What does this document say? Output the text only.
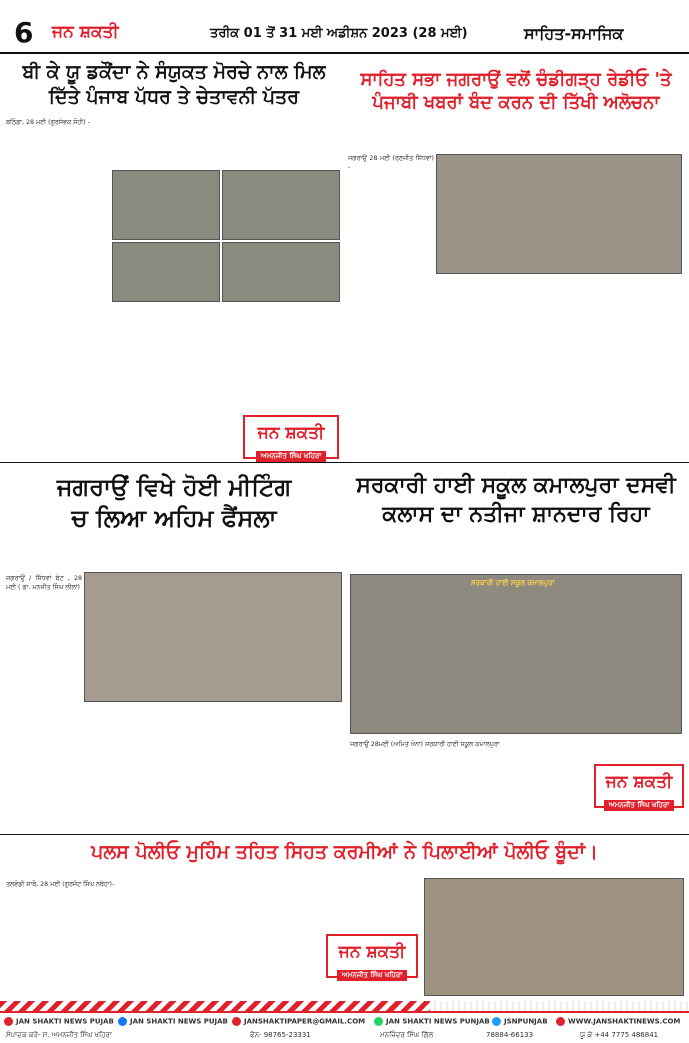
6 ਜਨ ਸ਼ਕਤੀ	ਤਰੀਕ 01 ਤੋਂ 31 ਮਈ ਅਡੀਸ਼ਨ 2023 (28 ਮਈ)	ਸਾਹਿਤ-ਸਮਾਜਿਕ
ਬੀ ਕੇ ਯੂ ਡਕੌਂਦਾ ਨੇ ਸੰਯੁਕਤ ਮੋਰਚੇ ਨਾਲ ਮਿਲ
ਦਿੱਤੇ ਪੰਜਾਬ ਪੱਧਰ ਤੇ ਚੇਤਾਵਨੀ ਪੱਤਰ
ਬਠਿੰਡਾ, 28 ਮਈ (ਗੁਰਸੇਵਕ ਸੋਹੀ) -
ਜਨ ਸ਼ਕਤੀ
ਅਮਨਜੀਤ ਸਿੰਘ ਖਹਿਰਾ
ਸਾਹਿਤ ਸਭਾ ਜਗਰਾਉਂ ਵਲੋਂ ਚੰਡੀਗੜ੍ਹ ਰੇਡੀਓ 'ਤੇ
ਪੰਜਾਬੀ ਖਬਰਾਂ ਬੰਦ ਕਰਨ ਦੀ ਤਿੱਖੀ ਅਲੋਚਨਾ
ਜਗਰਾਉਂ 28 ਮਈ (ਰਣਜੀਤ ਸਿੱਧਵਾਂ) -
ਜਗਰਾਉਂ ਵਿਖੇ ਹੋਈ ਮੀਟਿੰਗ
ਚ ਲਿਆ ਅਹਿਮ ਫੈਂਸਲਾ
ਜਗਰਾਉਂ / ਸਿੱਧਵਾਂ ਬੇਟ , 28 ਮਈ ( ਡਾ. ਮਨਜੀਤ ਸਿੰਘ ਲੀਲਾਂ)
ਸਰਕਾਰੀ ਹਾਈ ਸਕੂਲ ਕਮਾਲਪੁਰਾ ਦਸਵੀ
ਕਲਾਸ ਦਾ ਨਤੀਜਾ ਸ਼ਾਨਦਾਰ ਰਿਹਾ
ਸਰਕਾਰੀ ਹਾਈ ਸਕੂਲ ਕਮਾਲਪੁਰਾ
ਜਗਰਾਉਂ 28ਮਈ (ਅਮਿਤ ਖੰਨਾ) ਸਰਕਾਰੀ ਹਾਈ ਸਕੂਲ ਕਮਾਲਪੁਰਾ
ਜਨ ਸ਼ਕਤੀ
ਅਮਨਜੀਤ ਸਿੰਘ ਖਹਿਰਾ
ਪਲਸ ਪੋਲੀਓ ਮੁਹਿੰਮ ਤਹਿਤ ਸਿਹਤ ਕਰਮੀਆਂ ਨੇ ਪਿਲਾਈਆਂ ਪੋਲੀਓ ਬੂੰਦਾਂ।
ਤਲਵੰਡੀ ਸਾਬੋ, 28 ਮਈ (ਗੁਰਜੰਟ ਸਿੰਘ ਨਥੇਹਾ)-
ਜਨ ਸ਼ਕਤੀ
ਅਮਨਜੀਤ ਸਿੰਘ ਖਹਿਰਾ
JAN SHAKTI NEWS PUJAB	JAN SHAKTI NEWS PUJAB	JANSHAKTIPAPER@GMAIL.COM	JAN SHAKTI NEWS PUNJAB	JSNPUNJAB	WWW.JANSHAKTINEWS.COM
ਸੰਪਾਦਕ ਕਰੋ- ਸ. ਅਮਨਜੀਤ ਸਿੰਘ ਖਹਿਰਾ	ਫੋਨ- 98765-23331	ਮਨਜਿੰਦਰ ਸਿੰਘ ਗਿੱਲ	78884-66133	ਯੂ ਕੇ +44 7775 486841
